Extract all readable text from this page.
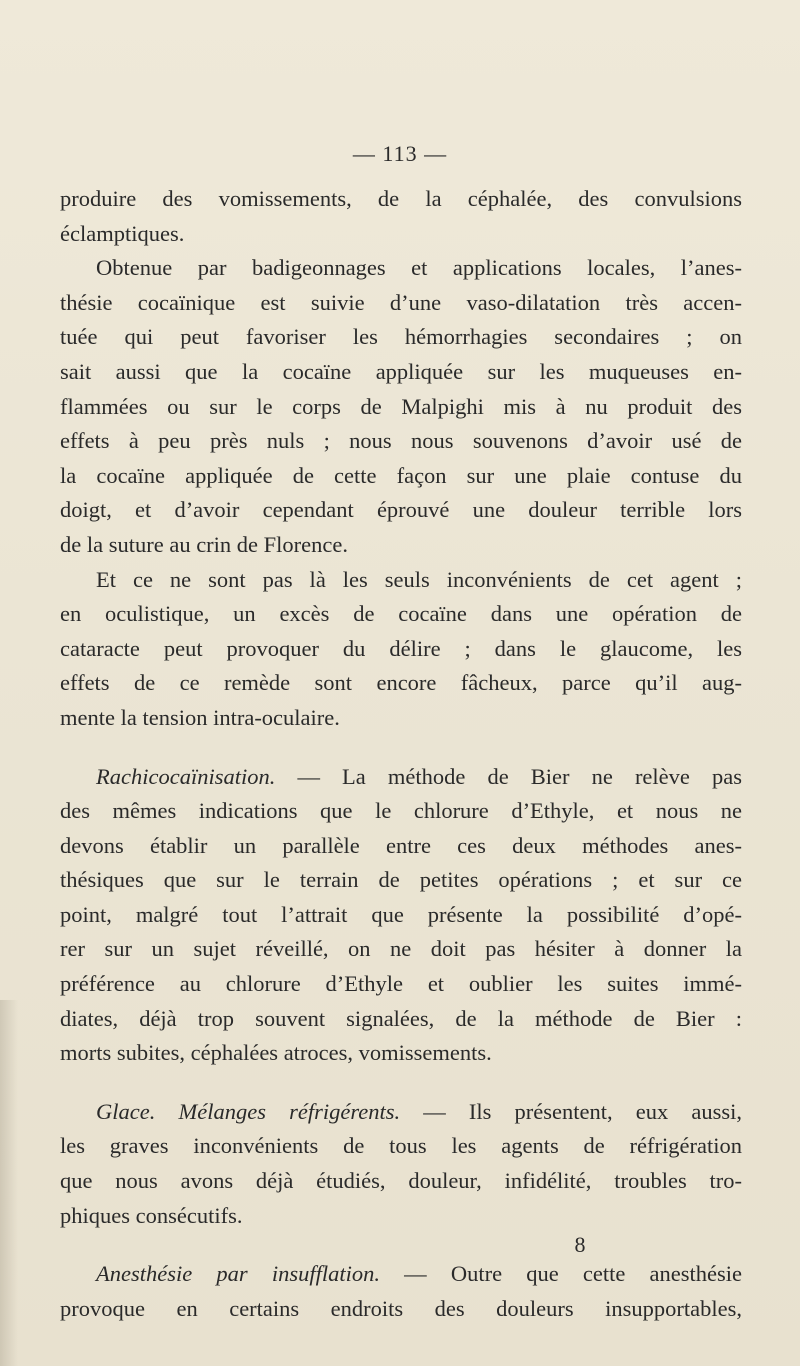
— 113 —

produire des vomissements, de la céphalée, des convulsions
éclamptiques.

Obtenue par badigeonnages et applications locales, l’anes-
thésie cocaïnique est suivie d’une vaso-dilatation très accen-
tuée qui peut favoriser les hémorrhagies secondaires ; on
sait aussi que la cocaïne appliquée sur les muqueuses en-
flammées ou sur le corps de Malpighi mis à nu produit des
effets à peu près nuls ; nous nous souvenons d’avoir usé de
la cocaïne appliquée de cette façon sur une plaie contuse du
doigt, et d’avoir cependant éprouvé une douleur terrible lors
de la suture au crin de Florence.

Et ce ne sont pas là les seuls inconvénients de cet agent ;
en oculistique, un excès de cocaïne dans une opération de
cataracte peut provoquer du délire ; dans le glaucome, les
effets de ce remède sont encore fâcheux, parce qu’il aug-
mente la tension intra-oculaire.

Rachicocaïnisation. — La méthode de Bier ne relève pas
des mêmes indications que le chlorure d’Ethyle, et nous ne
devons établir un parallèle entre ces deux méthodes anes-
thésiques que sur le terrain de petites opérations ; et sur ce
point, malgré tout l’attrait que présente la possibilité d’opé-
rer sur un sujet réveillé, on ne doit pas hésiter à donner la
préférence au chlorure d’Ethyle et oublier les suites immé-
diates, déjà trop souvent signalées, de la méthode de Bier :
morts subites, céphalées atroces, vomissements.

Glace. Mélanges réfrigérents. — Ils présentent, eux aussi,
les graves inconvénients de tous les agents de réfrigération
que nous avons déjà étudiés, douleur, infidélité, troubles tro-
phiques consécutifs.

Anesthésie par insufflation. — Outre que cette anesthésie
provoque en certains endroits des douleurs insupportables,

8
